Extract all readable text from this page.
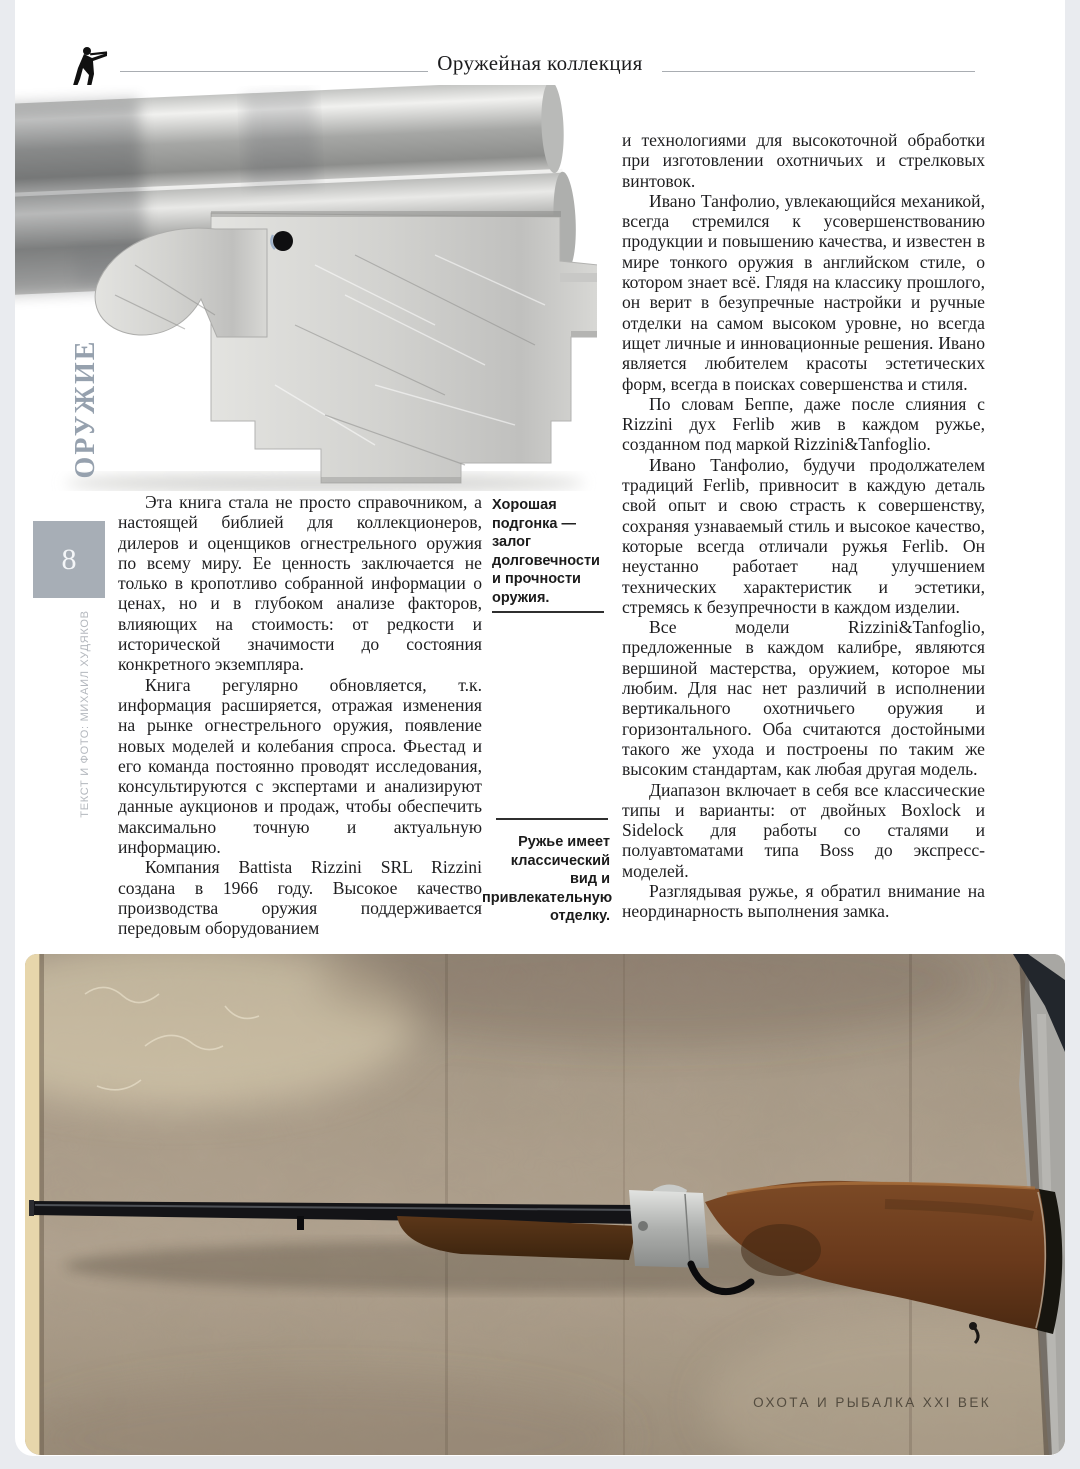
Оружейная коллекция
ОРУЖИЕ
8
ТЕКСТ И ФОТО: МИХАИЛ ХУДЯКОВ

Эта книга стала не просто справочником, а настоящей библией для коллекционеров, дилеров и оценщиков огнестрельного оружия по всему миру. Ее ценность заключается не только в кропотливо собранной информации о ценах, но и в глубоком анализе факторов, влияющих на стоимость: от редкости и исторической значимости до состояния конкретного экземпляра.

Книга регулярно обновляется, т.к. информация расширяется, отражая изменения на рынке огнестрельного оружия, появление новых моделей и колебания спроса. Фьестад и его команда постоянно проводят исследования, консультируются с экспертами и анализируют данные аукционов и продаж, чтобы обеспечить максимально точную и актуальную информацию.

Компания Battista Rizzini SRL Rizzini создана в 1966 году. Высокое качество производства оружия поддерживается передовым оборудованием

и технологиями для высокоточной обработки при изготовлении охотничьих и стрелковых винтовок.

Ивано Танфолио, увлекающийся механикой, всегда стремился к усовершенствованию продукции и повышению качества, и известен в мире тонкого оружия в английском стиле, о котором знает всё. Глядя на классику прошлого, он верит в безупречные настройки и ручные отделки на самом высоком уровне, но всегда ищет личные и инновационные решения. Ивано является любителем красоты эстетических форм, всегда в поисках совершенства и стиля.

По словам Беппе, даже после слияния с Rizzini дух Ferlib жив в каждом ружье, созданном под маркой Rizzini&Tanfoglio.

Ивано Танфолио, будучи продолжателем традиций Ferlib, привносит в каждую деталь свой опыт и свою страсть к совершенству, сохраняя узнаваемый стиль и высокое качество, которые всегда отличали ружья Ferlib. Он неустанно работает над улучшением технических характеристик и эстетики, стремясь к безупречности в каждом изделии.

Все модели Rizzini&Tanfoglio, предложенные в каждом калибре, являются вершиной мастерства, оружием, которое мы любим. Для нас нет различий в исполнении вертикального охотничьего оружия и горизонтального. Оба считаются достойными такого же ухода и построены по таким же высоким стандартам, как любая другая модель.

Диапазон включает в себя все классические типы и варианты: от двойных Boxlock и Sidelock для работы со сталями и полуавтоматами типа Boss до экспресс-моделей.

Разглядывая ружье, я обратил внимание на неординарность выполнения замка.

Хорошая подгонка — залог долговечности и прочности оружия.
Ружье имеет классический вид и привлекательную отделку.
ОХОТА И РЫБАЛКА XXI ВЕК
